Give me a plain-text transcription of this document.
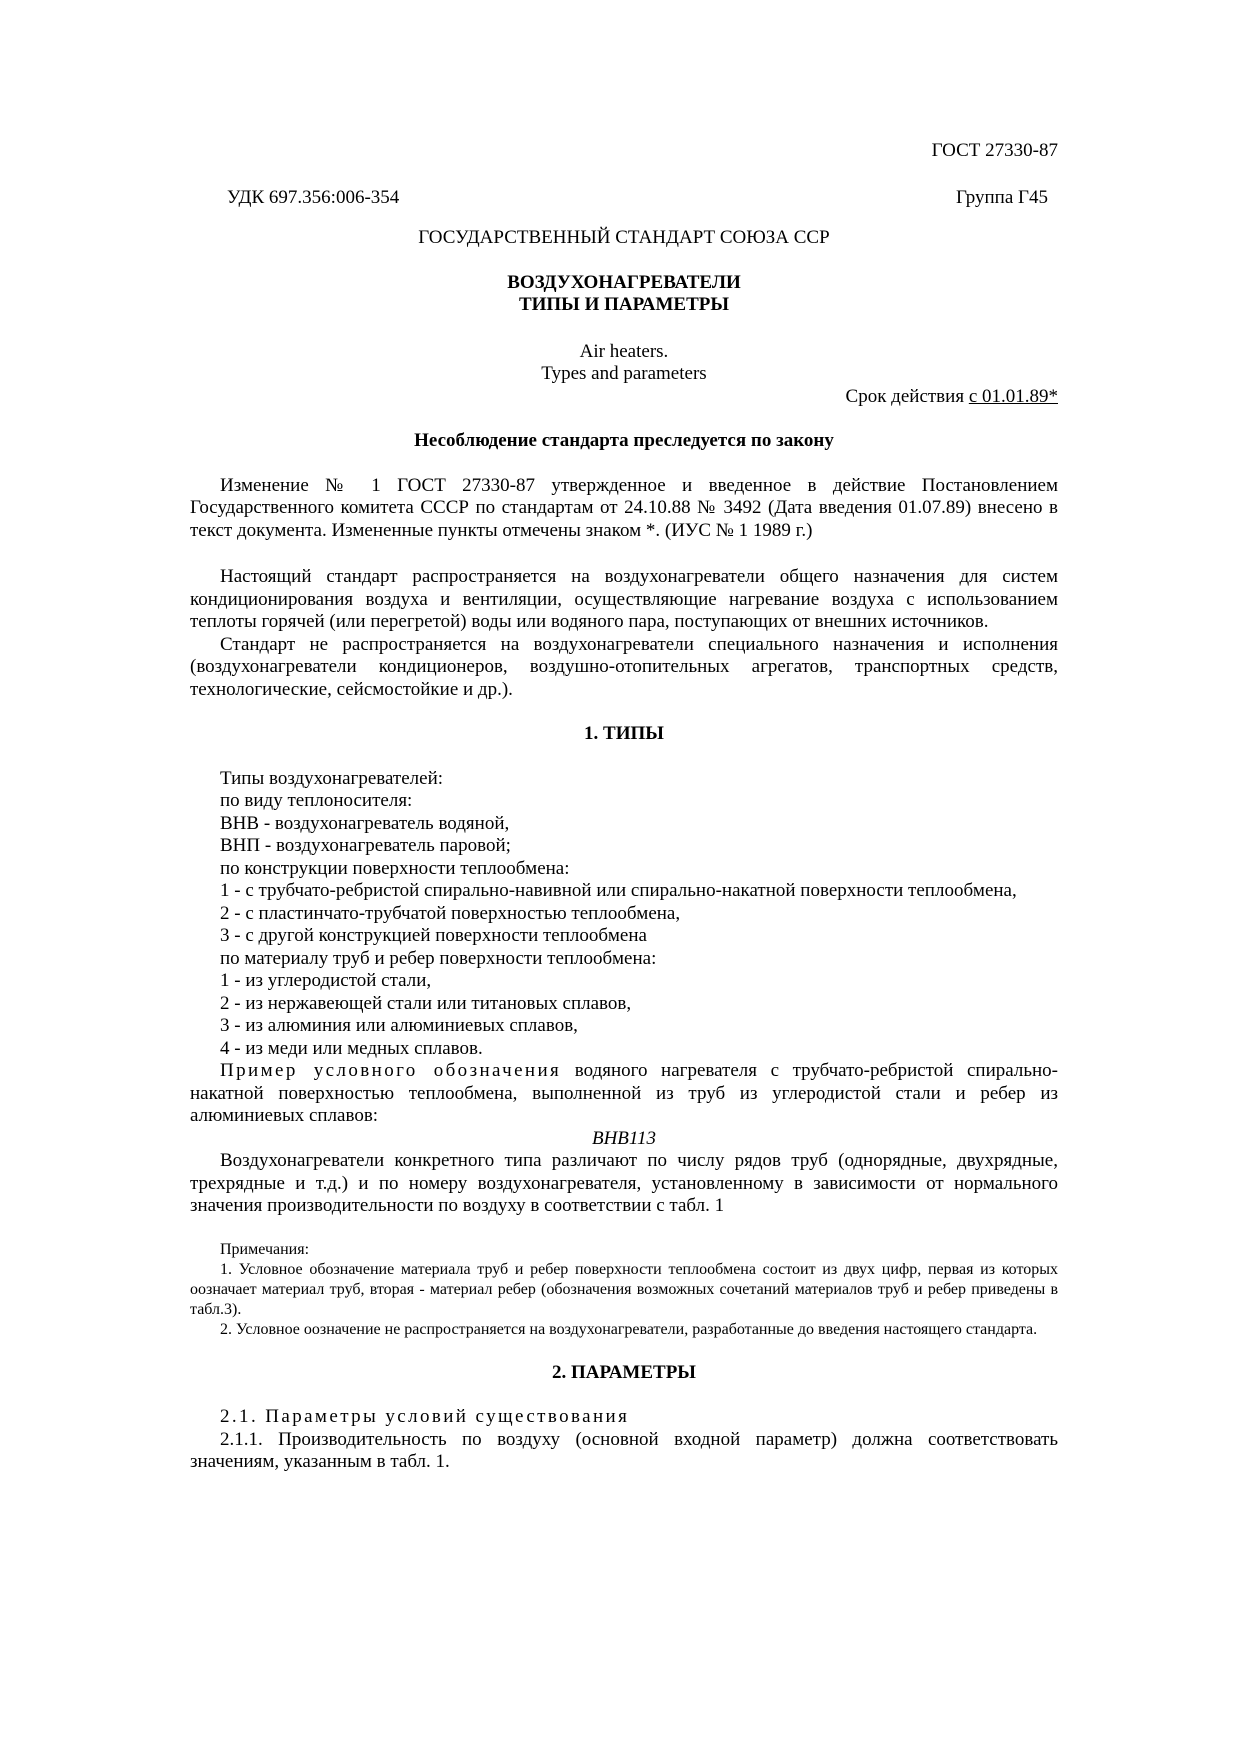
ГОСТ 27330-87

УДК 697.356:006-354	Группа Г45

ГОСУДАРСТВЕННЫЙ СТАНДАРТ СОЮЗА ССР

ВОЗДУХОНАГРЕВАТЕЛИ

ТИПЫ И ПАРАМЕТРЫ

Air heaters.

Types and parameters

Срок действия с 01.01.89*

Несоблюдение стандарта преследуется по закону

Изменение № 1 ГОСТ 27330-87 утвержденное и введенное в действие Постановлением Государственного комитета СССР по стандартам от 24.10.88 № 3492 (Дата введения 01.07.89) внесено в текст документа. Измененные пункты отмечены знаком *. (ИУС № 1 1989 г.)

Настоящий стандарт распространяется на воздухонагреватели общего назначения для систем кондиционирования воздуха и вентиляции, осуществляющие нагревание воздуха с использованием теплоты горячей (или перегретой) воды или водяного пара, поступающих от внешних источников.

Стандарт не распространяется на воздухонагреватели специального назначения и исполнения (воздухонагреватели кондиционеров, воздушно-отопительных агрегатов, транспортных средств, технологические, сейсмостойкие и др.).

1. ТИПЫ

Типы воздухонагревателей:

по виду теплоносителя:

ВНВ - воздухонагреватель водяной,

ВНП - воздухонагреватель паровой;

по конструкции поверхности теплообмена:

1 - с трубчато-ребристой спирально-навивной или спирально-накатной поверхности теплообмена,

2 - с пластинчато-трубчатой поверхностью теплообмена,

3 - с другой конструкцией поверхности теплообмена

по материалу труб и ребер поверхности теплообмена:

1 - из углеродистой стали,

2 - из нержавеющей стали или титановых сплавов,

3 - из алюминия или алюминиевых сплавов,

4 - из меди или медных сплавов.

Пример условного обозначения водяного нагревателя с трубчато-ребристой спирально-накатной поверхностью теплообмена, выполненной из труб из углеродистой стали и ребер из алюминиевых сплавов:

ВНВ113

Воздухонагреватели конкретного типа различают по числу рядов труб (однорядные, двухрядные, трехрядные и т.д.) и по номеру воздухонагревателя, установленному в зависимости от нормального значения производительности по воздуху в соответствии с табл. 1

Примечания:

1. Условное обозначение материала труб и ребер поверхности теплообмена состоит из двух цифр, первая из которых оозначает материал труб, вторая - материал ребер (обозначения возможных сочетаний материалов труб и ребер приведены в табл.3).

2. Условное оозначение не распространяется на воздухонагреватели, разработанные до введения настоящего стандарта.

2. ПАРАМЕТРЫ

2.1. Параметры условий существования

2.1.1. Производительность по воздуху (основной входной параметр) должна соответствовать значениям, указанным в табл. 1.
